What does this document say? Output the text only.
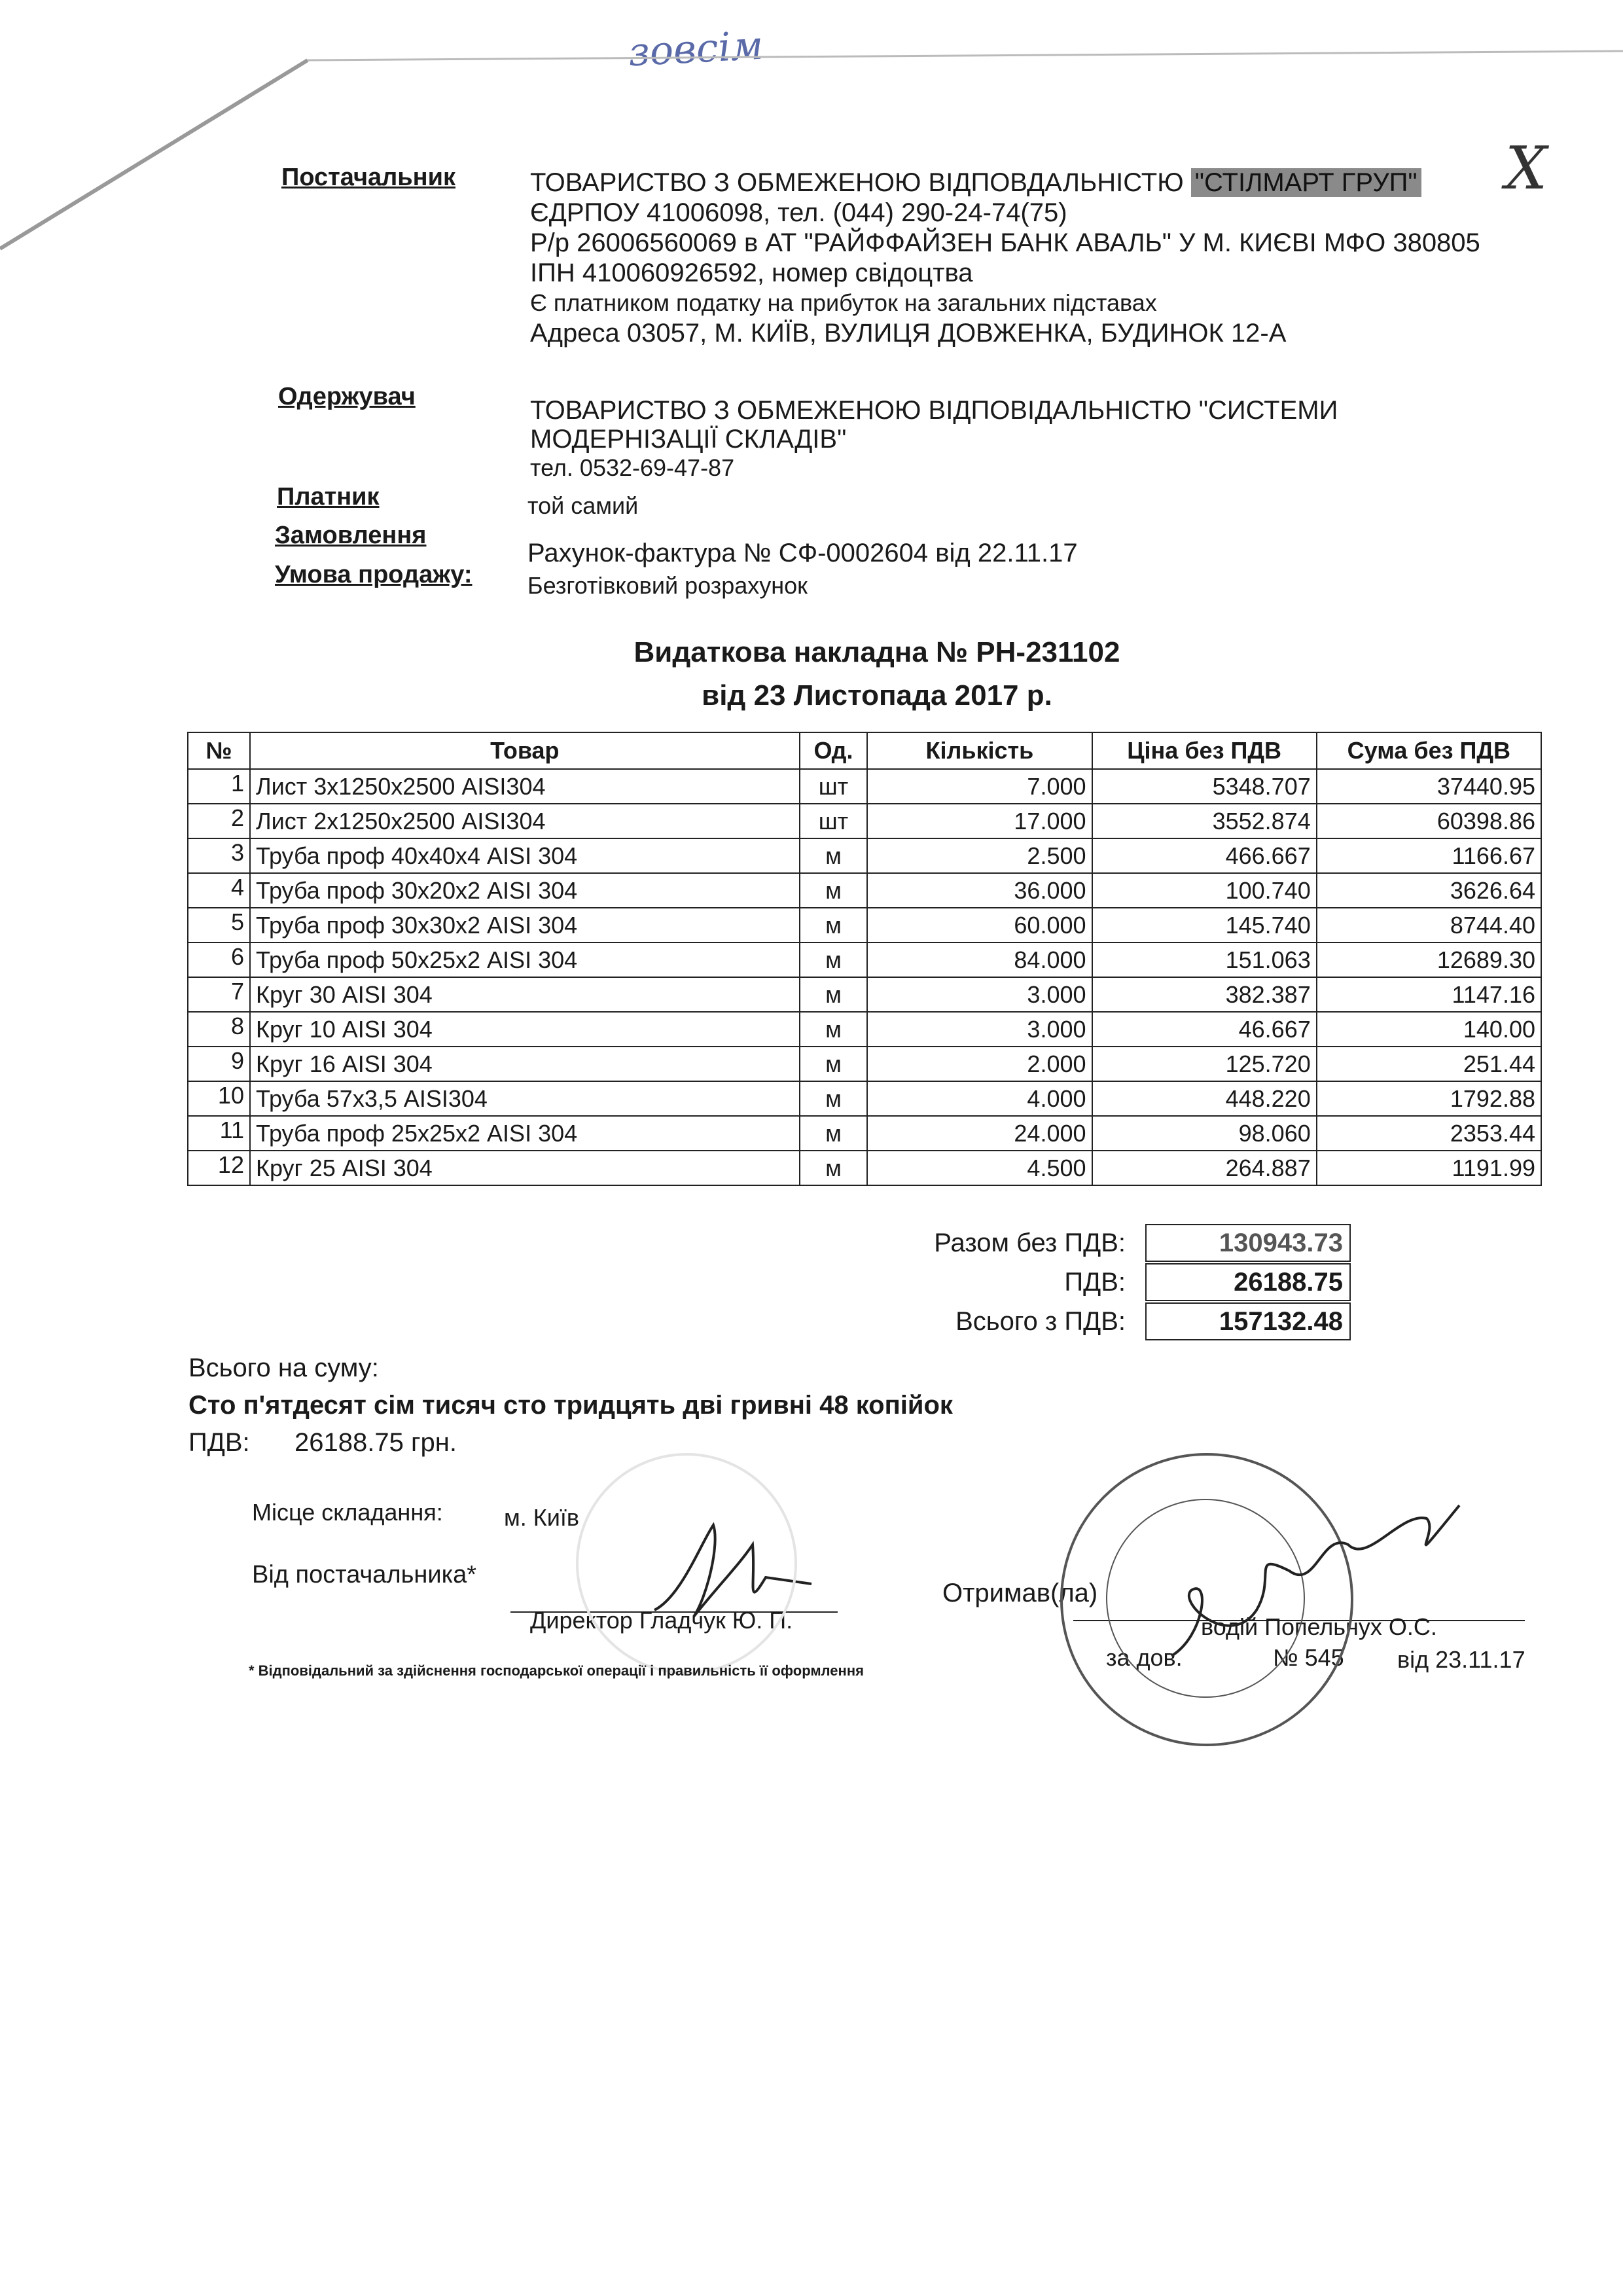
зовсім
Х
Постачальник	ТОВАРИСТВО З ОБМЕЖЕНОЮ ВІДПОВДАЛЬНІСТЮ "СТІЛМАРТ ГРУП"
ЄДРПОУ 41006098, тел. (044) 290-24-74(75)
Р/р 26006560069 в АТ "РАЙФФАЙЗЕН БАНК АВАЛЬ" У М. КИЄВІ МФО 380805
ІПН 410060926592, номер свідоцтва
Є платником податку на прибуток на загальних підставах
Адреса 03057, М. КИЇВ, ВУЛИЦЯ ДОВЖЕНКА, БУДИНОК 12-А
Одержувач	ТОВАРИСТВО З ОБМЕЖЕНОЮ ВІДПОВІДАЛЬНІСТЮ "СИСТЕМИ
МОДЕРНІЗАЦІЇ СКЛАДІВ"
тел. 0532-69-47-87
Платник	той самий
Замовлення
Рахунок-фактура № СФ-0002604 від 22.11.17
Умова продажу: Безготівковий розрахунок
Видаткова накладна № РН-231102
від 23 Листопада 2017 р.
№	Товар	Од.	Кількість	Ціна без ПДВ	Сума без ПДВ
1	Лист 3х1250х2500 AISI304	шт	7.000	5348.707	37440.95
2	Лист 2х1250х2500 AISI304	шт	17.000	3552.874	60398.86
3	Труба проф 40х40х4 AISI 304	м	2.500	466.667	1166.67
4	Труба проф 30х20х2 AISI 304	м	36.000	100.740	3626.64
5	Труба проф 30х30х2 AISI 304	м	60.000	145.740	8744.40
6	Труба проф 50х25х2 AISI 304	м	84.000	151.063	12689.30
7	Круг 30 AISI 304	м	3.000	382.387	1147.16
8	Круг 10 AISI 304	м	3.000	46.667	140.00
9	Круг 16 AISI 304	м	2.000	125.720	251.44
10	Труба 57х3,5 AISI304	м	4.000	448.220	1792.88
11	Труба проф 25х25х2 AISI 304	м	24.000	98.060	2353.44
12	Круг 25 AISI 304	м	4.500	264.887	1191.99
Разом без ПДВ:	130943.73
ПДВ:	26188.75
Всього з ПДВ:	157132.48
Всього на суму:
Сто п'ятдесят сім тисяч сто тридцять дві гривні 48 копійок
ПДВ: 26188.75 грн.
Місце складання:	м. Київ
Від постачальника*
Директор Гладчук Ю. П.
* Відповідальний за здійснення господарської операції і правильність її оформлення
Отримав(ла)
водій Попельнух О.С.
за дов.	№ 545 від 23.11.17
